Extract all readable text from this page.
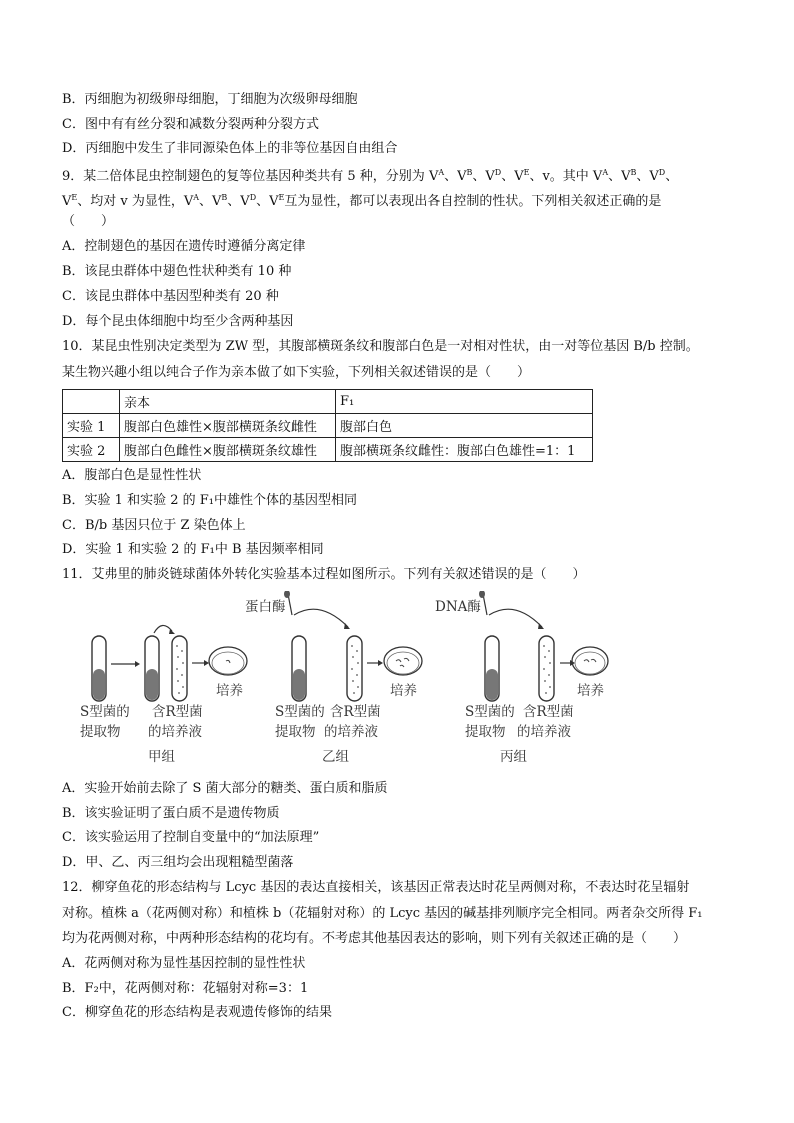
B．丙细胞为初级卵母细胞，丁细胞为次级卵母细胞
C．图中有有丝分裂和减数分裂两种分裂方式
D．丙细胞中发生了非同源染色体上的非等位基因自由组合
9．某二倍体昆虫控制翅色的复等位基因种类共有 5 种，分别为 $V^A$、$V^B$、$V^D$、$V^E$、v。其中 $V^A$、$V^B$、$V^D$、
$V^E$、均对 v 为显性，$V^A$、$V^B$、$V^D$、$V^E$互为显性，都可以表现出各自控制的性状。下列相关叙述正确的是
（　　）
A．控制翅色的基因在遗传时遵循分离定律
B．该昆虫群体中翅色性状种类有 10 种
C．该昆虫群体中基因型种类有 20 种
D．每个昆虫体细胞中均至少含两种基因
10．某昆虫性别决定类型为 ZW 型，其腹部横斑条纹和腹部白色是一对相对性状，由一对等位基因 B/b 控制。
某生物兴趣小组以纯合子作为亲本做了如下实验，下列相关叙述错误的是（　　）
	亲本	F₁
实验 1	腹部白色雄性×腹部横斑条纹雌性	腹部白色
实验 2	腹部白色雌性×腹部横斑条纹雄性	腹部横斑条纹雌性：腹部白色雄性=1：1
A．腹部白色是显性性状
B．实验 1 和实验 2 的 F₁中雄性个体的基因型相同
C．B/b 基因只位于 Z 染色体上
D．实验 1 和实验 2 的 F₁中 B 基因频率相同
11．艾弗里的肺炎链球菌体外转化实验基本过程如图所示。下列有关叙述错误的是（　　）
培养
S型菌的
提取物
含R型菌
的培养液
甲组
蛋白酶
培养
S型菌的
提取物
含R型菌
的培养液
乙组
DNA酶
培养
S型菌的
提取物
含R型菌
的培养液
丙组
A．实验开始前去除了 S 菌大部分的糖类、蛋白质和脂质
B．该实验证明了蛋白质不是遗传物质
C．该实验运用了控制自变量中的“加法原理”
D．甲、乙、丙三组均会出现粗糙型菌落
12．柳穿鱼花的形态结构与 Lcyc 基因的表达直接相关，该基因正常表达时花呈两侧对称，不表达时花呈辐射
对称。植株 a（花两侧对称）和植株 b（花辐射对称）的 Lcyc 基因的碱基排列顺序完全相同。两者杂交所得 F₁
均为花两侧对称，中两种形态结构的花均有。不考虑其他基因表达的影响，则下列有关叙述正确的是（　　）
A．花两侧对称为显性基因控制的显性性状
B．F₂中，花两侧对称：花辐射对称=3：1
C．柳穿鱼花的形态结构是表观遗传修饰的结果
